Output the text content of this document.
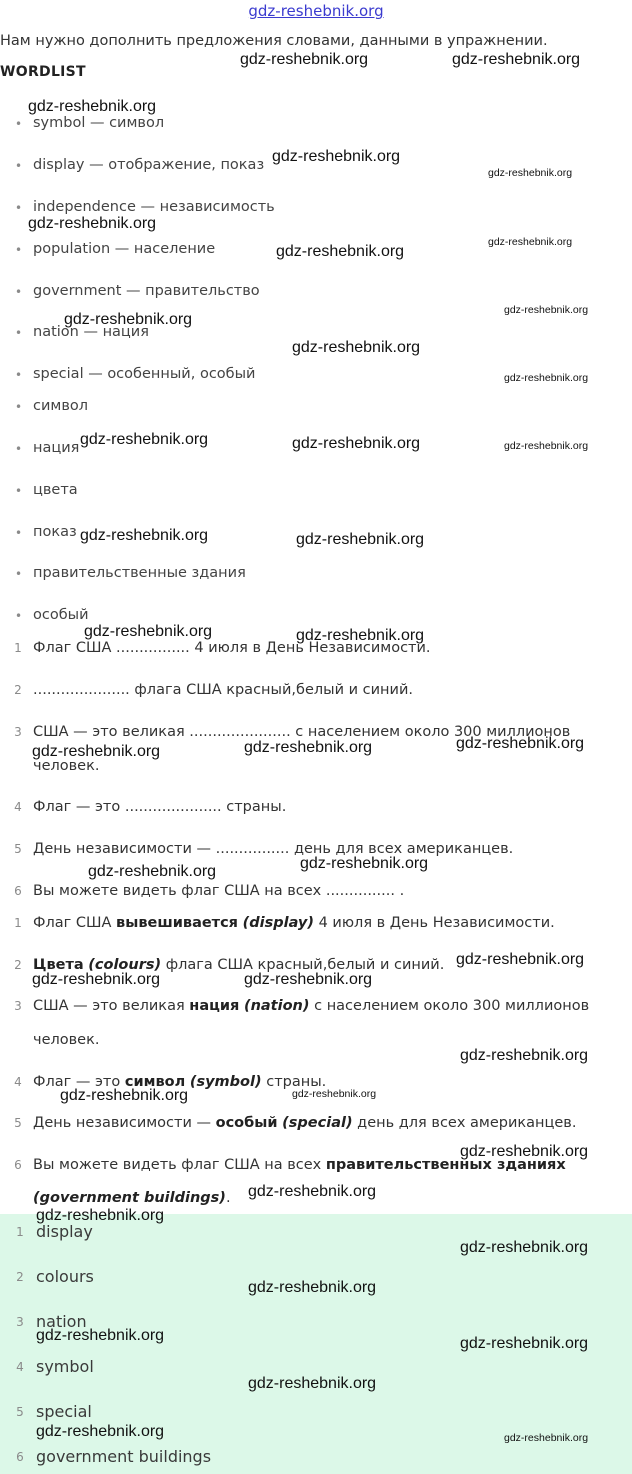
gdz-reshebnik.org
Нам нужно дополнить предложения словами, данными в упражнении.
WORDLIST
• symbol — символ
• display — отображение, показ
• independence — независимость
• population — население
• government — правительство
• nation — нация
• special — особенный, особый
• символ
• нация
• цвета
• показ
• правительственные здания
• особый
1 Флаг США ................ 4 июля в День Независимости.
2 ..................... флага США красный,белый и синий.
3 США — это великая ...................... с населением около 300 миллионов
человек.
4 Флаг — это ..................... страны.
5 День независимости — ................ день для всех американцев.
6 Вы можете видеть флаг США на всех ............... .
1 Флаг США вывешивается (display) 4 июля в День Независимости.
2 Цвета (colours) флага США красный,белый и синий.
3 США — это великая нация (nation) с населением около 300 миллионов
человек.
4 Флаг — это символ (symbol) страны.
5 День независимости — особый (special) день для всех американцев.
6 Вы можете видеть флаг США на всех правительственных зданиях
(government buildings).
1 display
2 colours
3 nation
4 symbol
5 special
6 government buildings
gdz-reshebnik.org	gdz-reshebnik.org
gdz-reshebnik.org
gdz-reshebnik.org
gdz-reshebnik.org
gdz-reshebnik.org
gdz-reshebnik.org
gdz-reshebnik.org
gdz-reshebnik.org
gdz-reshebnik.org
gdz-reshebnik.org
gdz-reshebnik.org
gdz-reshebnik.org	gdz-reshebnik.org	gdz-reshebnik.org
gdz-reshebnik.org	gdz-reshebnik.org
gdz-reshebnik.org	gdz-reshebnik.org
gdz-reshebnik.org
gdz-reshebnik.org
gdz-reshebnik.org
gdz-reshebnik.org
gdz-reshebnik.org
gdz-reshebnik.org
gdz-reshebnik.org	gdz-reshebnik.org
gdz-reshebnik.org
gdz-reshebnik.org	gdz-reshebnik.org
gdz-reshebnik.org
gdz-reshebnik.org
gdz-reshebnik.org
gdz-reshebnik.org
gdz-reshebnik.org
gdz-reshebnik.org	gdz-reshebnik.org
gdz-reshebnik.org
gdz-reshebnik.org	gdz-reshebnik.org
